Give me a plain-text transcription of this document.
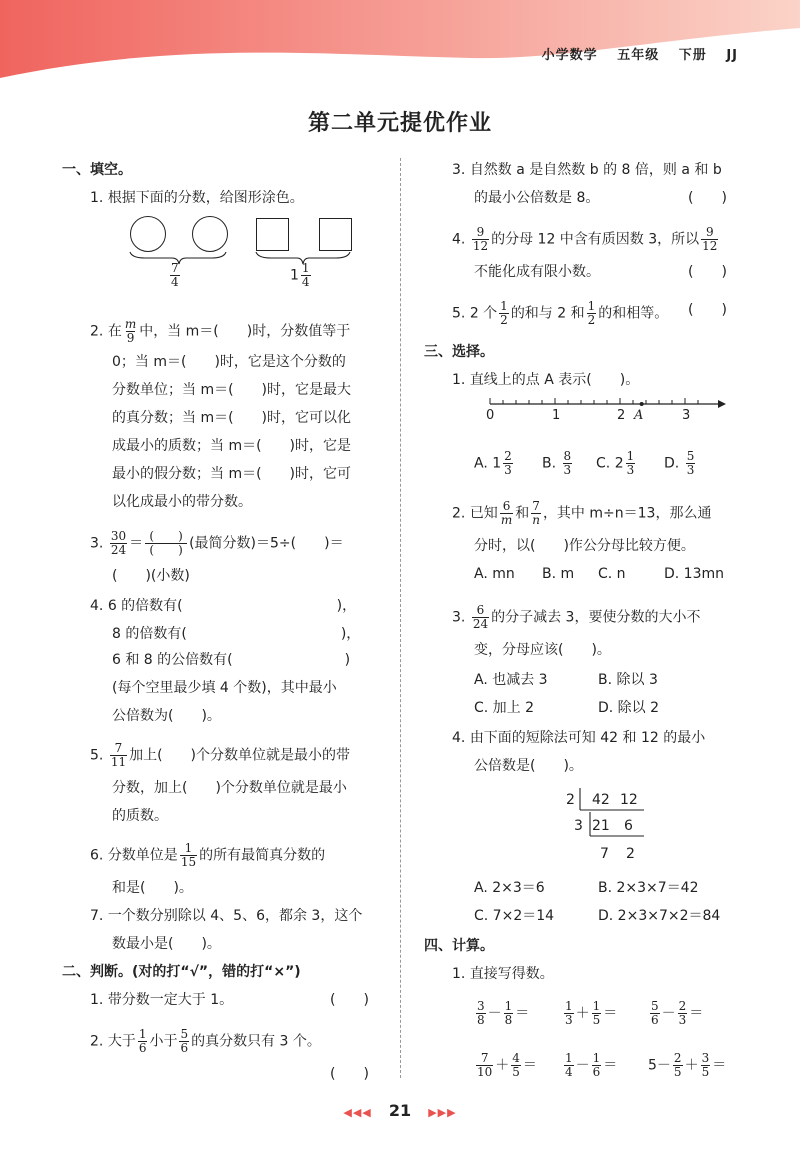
小学数学 五年级 下册 JJ
第二单元提优作业
一、填空。
1. 根据下面的分数，给图形涂色。
$\frac{7}{4}$	$1 \frac{1}{4}$
2. 在 $\frac{m}{9}$ 中，当 m＝(　　)时，分数值等于
0；当 m＝(　　)时，它是这个分数的
分数单位；当 m＝(　　)时，它是最大
的真分数；当 m＝(　　)时，它可以化
成最小的质数；当 m＝(　　)时，它是
最小的假分数；当 m＝(　　)时，它可
以化成最小的带分数。
3. $\frac{30}{24} = \frac{( )}{( )}$ (最简分数)＝5÷(　　)＝
(　　)(小数)
4. 6 的倍数有(　　　　　　　　　　　)，
8 的倍数有(　　　　　　　　　　　)，
6 和 8 的公倍数有(　　　　　　　　)
(每个空里最少填 4 个数)，其中最小
公倍数为(　　)。
5. $\frac{7}{11}$ 加上(　　)个分数单位就是最小的带
分数，加上(　　)个分数单位就是最小
的质数。
6. 分数单位是 $\frac{1}{15}$ 的所有最简真分数的
和是(　　)。
7. 一个数分别除以 4、5、6，都余 3，这个
数最小是(　　)。
二、判断。(对的打“√”，错的打“×”)
1. 带分数一定大于 1。	(　　)
2. 大于 $\frac{1}{6}$ 小于 $\frac{5}{6}$ 的真分数只有 3 个。
(　　)
3. 自然数 a 是自然数 b 的 8 倍，则 a 和 b
的最小公倍数是 8。	(　　)
4. $\frac{9}{12}$ 的分母 12 中含有质因数 3，所以 $\frac{9}{12}$
不能化成有限小数。	(　　)
5. 2 个 $\frac{1}{2}$ 的和与 2 和 $\frac{1}{2}$ 的和相等。 (　　)
三、选择。
1. 直线上的点 A 表示(　　)。
0	1	2 A	3
A. $1 \frac{2}{3} B$. $\frac{8}{3} C$. $2 \frac{1}{3} D$. $\frac{5}{3}$
2. 已知 $\frac{6}{m}$ 和 $\frac{7}{n}$ ，其中 m÷n＝13，那么通
分时，以(　　)作公分母比较方便。
A. mn B. m C. n	D. 13mn
3. $\frac{6}{24}$ 的分子减去 3，要使分数的大小不
变，分母应该(　　)。
A. 也减去 3	B. 除以 3
C. 加上 2	D. 除以 2
4. 由下面的短除法可知 42 和 12 的最小
公倍数是(　　)。
2 42 12
3 21 6
7 2
A. 2×3＝6	B. 2×3×7＝42
C. 7×2＝14	D. 2×3×7×2＝84
四、计算。
1. 直接写得数。
$\frac{3}{8} - \frac{1}{8}$ ＝	$\frac{1}{3} + \frac{1}{5}$ ＝	$\frac{5}{6} - \frac{2}{3}$ ＝
$\frac{7}{10} + \frac{4}{5} = \frac{1}{4} - \frac{1}{6} = 5- \frac{2}{5} + \frac{3}{5}$ ＝
◀◀◀ 21 ▶▶▶
